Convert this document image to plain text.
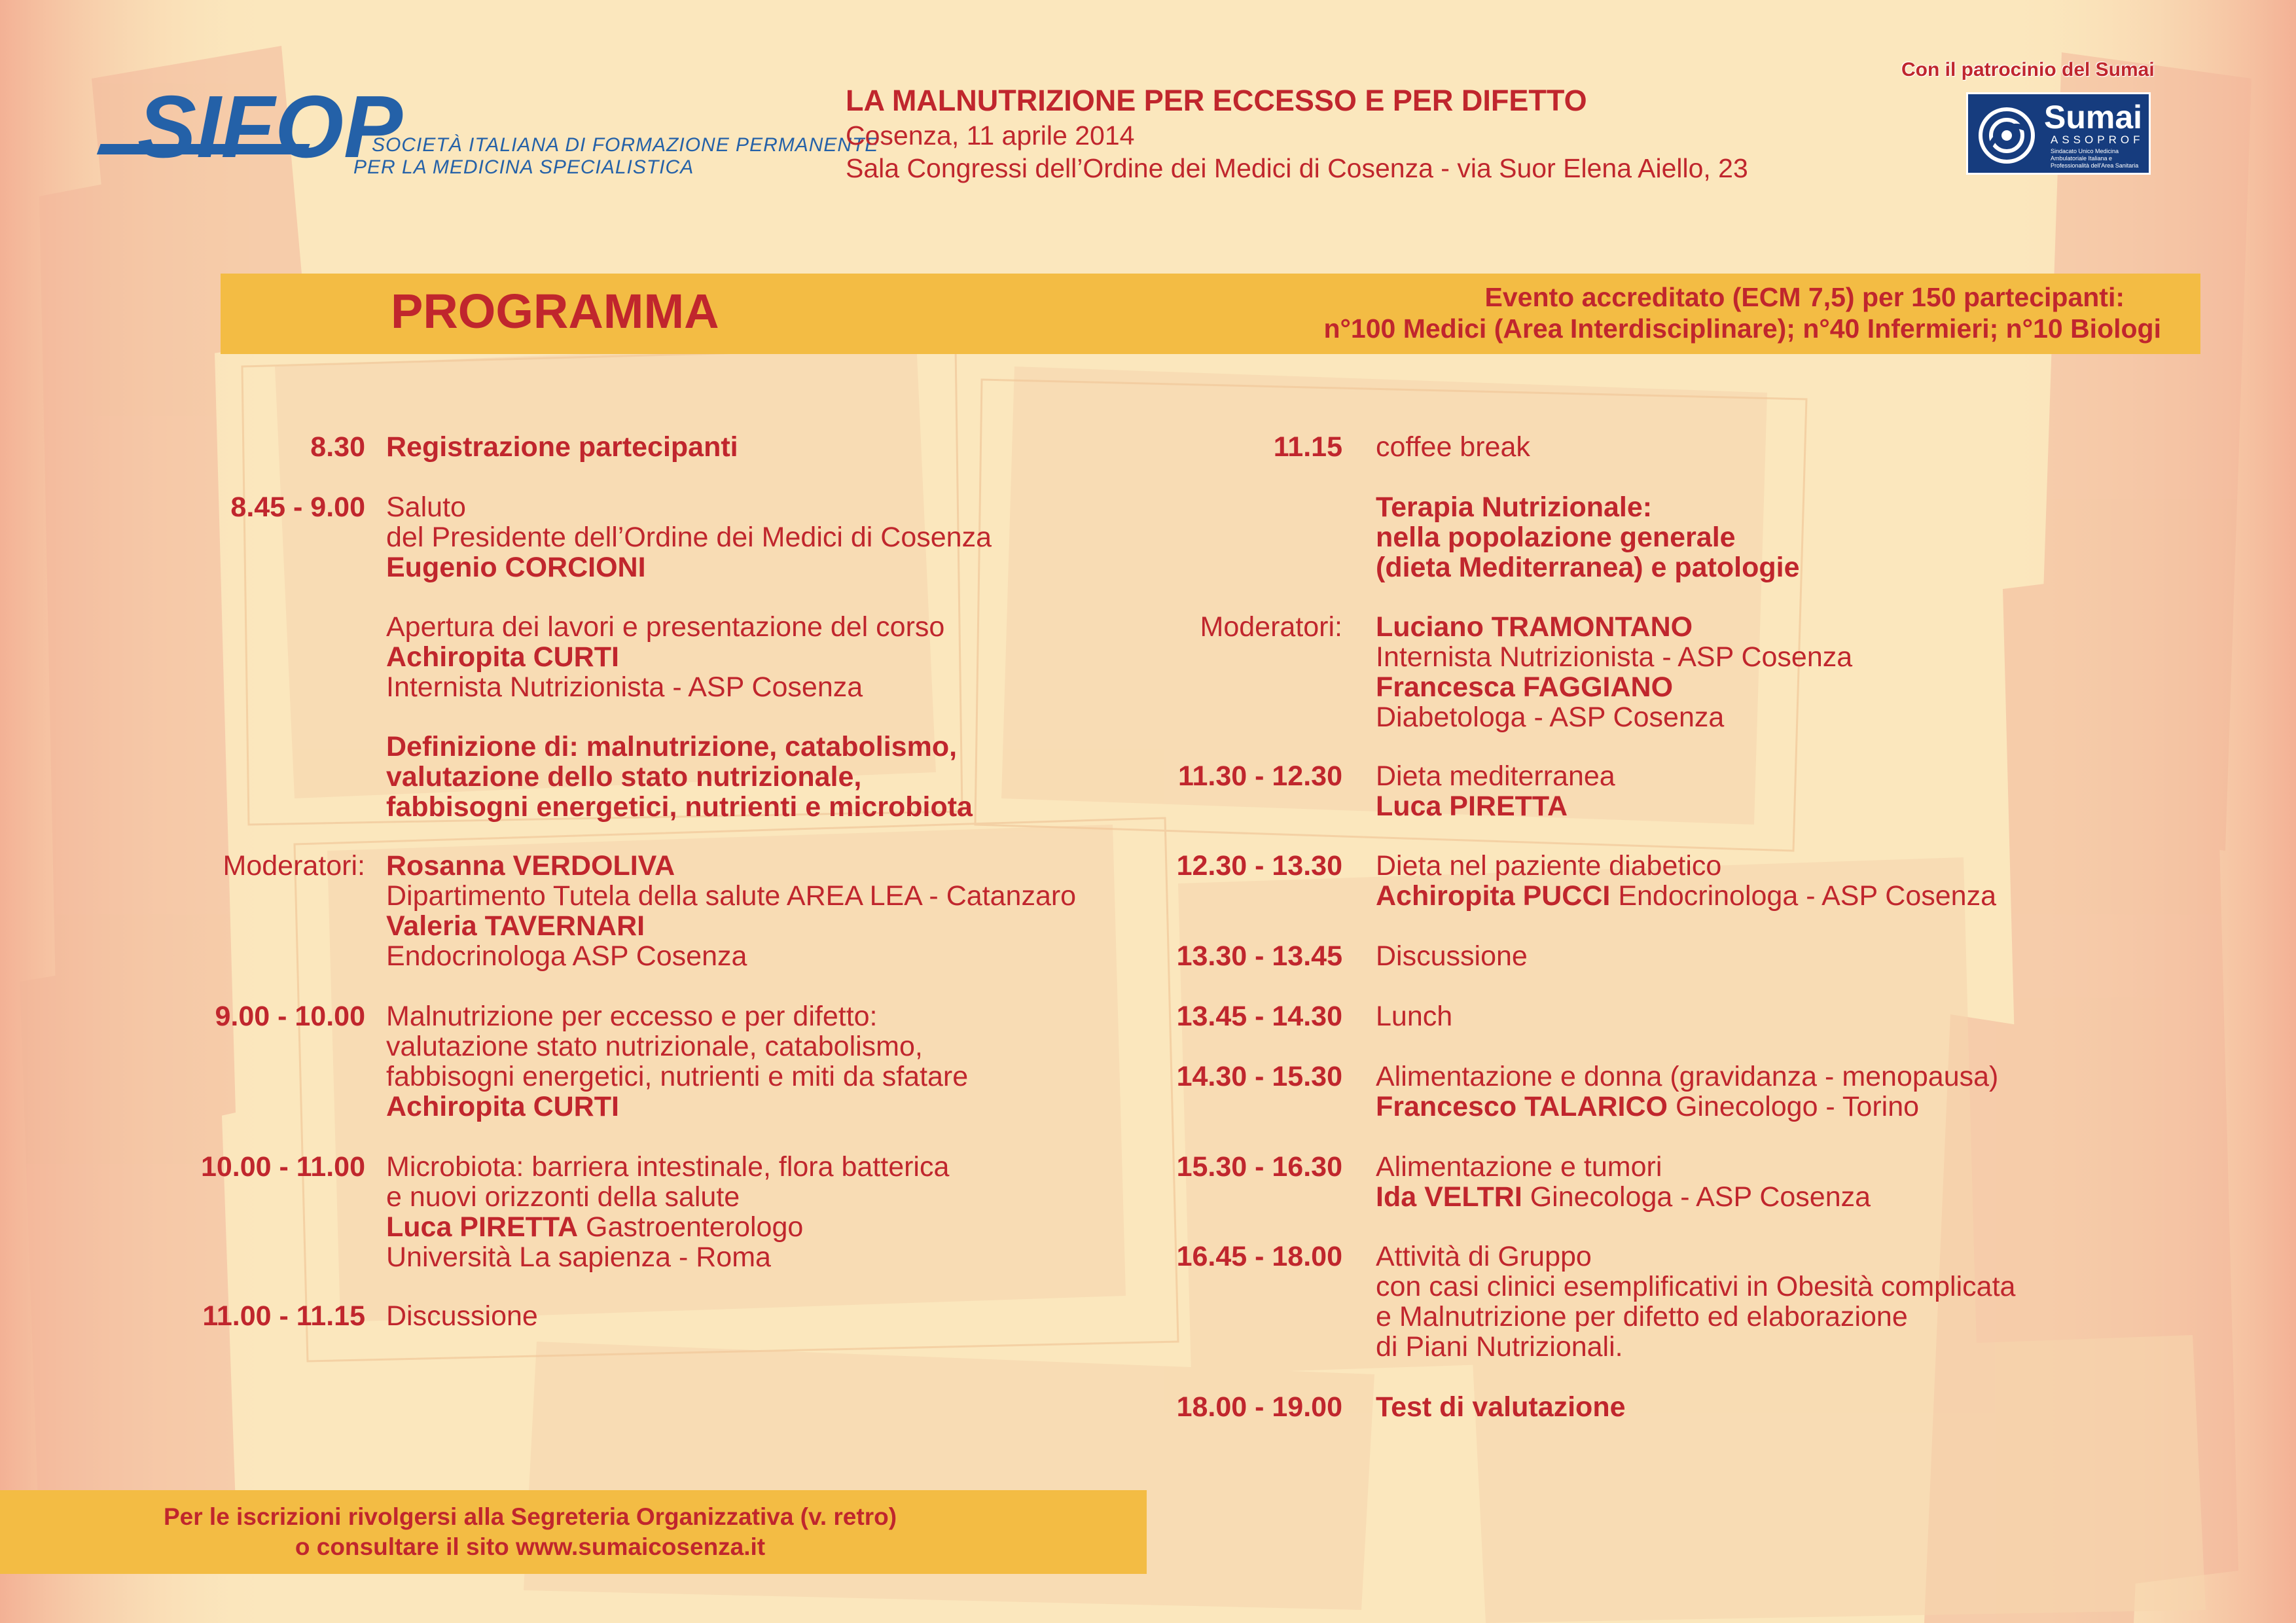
SIFOP
SOCIETÀ ITALIANA DI FORMAZIONE PERMANENTE
PER LA MEDICINA SPECIALISTICA
LA MALNUTRIZIONE PER ECCESSO E PER DIFETTO
Cosenza, 11 aprile 2014
Sala Congressi dell’Ordine dei Medici di Cosenza - via Suor Elena Aiello, 23
Con il patrocinio del Sumai
Sumai
ASSOPROF
Sindacato Unico Medicina Ambulatoriale Italiana e Professionalità dell'Area Sanitaria
PROGRAMMA	Evento accreditato (ECM 7,5) per 150 partecipanti:
n°100 Medici (Area Interdisciplinare); n°40 Infermieri; n°10 Biologi
8.30 Registrazione partecipanti
8.45 - 9.00 Saluto
del Presidente dell’Ordine dei Medici di Cosenza
Eugenio CORCIONI
Apertura dei lavori e presentazione del corso
Achiropita CURTI
Internista Nutrizionista - ASP Cosenza
Definizione di: malnutrizione, catabolismo,
valutazione dello stato nutrizionale,
fabbisogni energetici, nutrienti e microbiota
Moderatori: Rosanna VERDOLIVA
Dipartimento Tutela della salute AREA LEA - Catanzaro
Valeria TAVERNARI
Endocrinologa ASP Cosenza
9.00 - 10.00 Malnutrizione per eccesso e per difetto:
valutazione stato nutrizionale, catabolismo,
fabbisogni energetici, nutrienti e miti da sfatare
Achiropita CURTI
10.00 - 11.00 Microbiota: barriera intestinale, flora batterica
e nuovi orizzonti della salute
Luca PIRETTA Gastroenterologo
Università La sapienza - Roma
11.00 - 11.15 Discussione
11.15 coffee break
Terapia Nutrizionale:
nella popolazione generale
(dieta Mediterranea) e patologie
Moderatori: Luciano TRAMONTANO
Internista Nutrizionista - ASP Cosenza
Francesca FAGGIANO
Diabetologa - ASP Cosenza
11.30 - 12.30 Dieta mediterranea
Luca PIRETTA
12.30 - 13.30 Dieta nel paziente diabetico
Achiropita PUCCI Endocrinologa - ASP Cosenza
13.30 - 13.45 Discussione
13.45 - 14.30 Lunch
14.30 - 15.30 Alimentazione e donna (gravidanza - menopausa)
Francesco TALARICO Ginecologo - Torino
15.30 - 16.30 Alimentazione e tumori
Ida VELTRI Ginecologa - ASP Cosenza
16.45 - 18.00 Attività di Gruppo
con casi clinici esemplificativi in Obesità complicata
e Malnutrizione per difetto ed elaborazione
di Piani Nutrizionali.
18.00 - 19.00 Test di valutazione
Per le iscrizioni rivolgersi alla Segreteria Organizzativa (v. retro)
o consultare il sito www.sumaicosenza.it
